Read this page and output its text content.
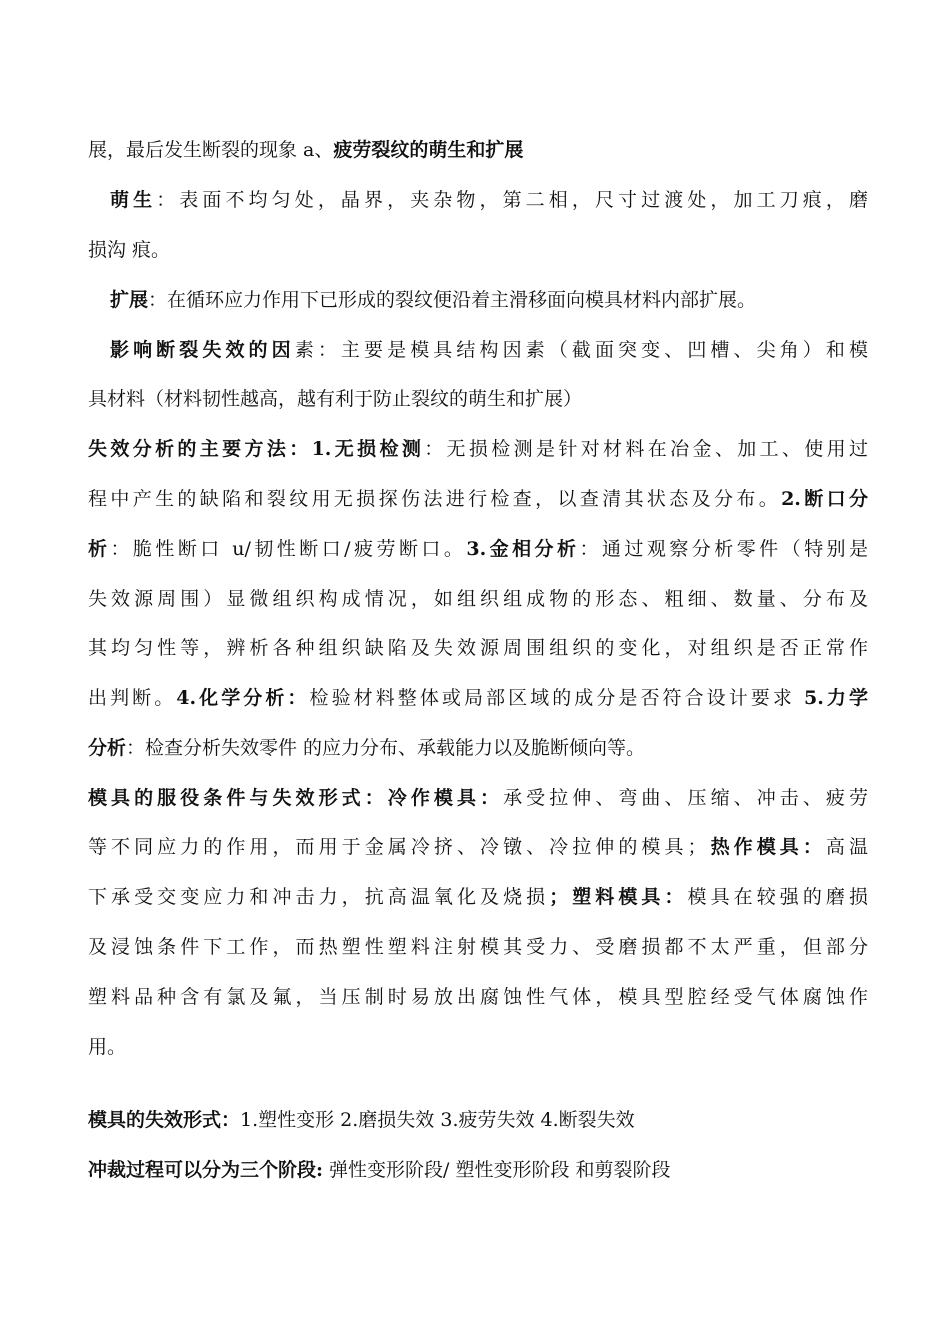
展，最后发生断裂的现象 a、疲劳裂纹的萌生和扩展
萌生：表面不均匀处，晶界，夹杂物，第二相，尺寸过渡处，加工刀痕，磨
损沟 痕。
扩展：在循环应力作用下已形成的裂纹便沿着主滑移面向模具材料内部扩展。
影响断裂失效的因素：主要是模具结构因素（截面突变、凹槽、尖角）和模
具材料（材料韧性越高，越有利于防止裂纹的萌生和扩展）
失效分析的主要方法：1.无损检测：无损检测是针对材料在冶金、加工、使用过
程中产生的缺陷和裂纹用无损探伤法进行检查，以查清其状态及分布。2.断口分
析：脆性断口 u/韧性断口/疲劳断口。3.金相分析：通过观察分析零件（特别是
失效源周围）显微组织构成情况，如组织组成物的形态、粗细、数量、分布及
其均匀性等，辨析各种组织缺陷及失效源周围组织的变化，对组织是否正常作
出判断。4.化学分析：检验材料整体或局部区域的成分是否符合设计要求 5.力学
分析：检查分析失效零件 的应力分布、承载能力以及脆断倾向等。
模具的服役条件与失效形式：冷作模具：承受拉伸、弯曲、压缩、冲击、疲劳
等不同应力的作用，而用于金属冷挤、冷镦、冷拉伸的模具；热作模具：高温
下承受交变应力和冲击力，抗高温氧化及烧损；塑料模具：模具在较强的磨损
及浸蚀条件下工作，而热塑性塑料注射模其受力、受磨损都不太严重，但部分
塑料品种含有氯及氟，当压制时易放出腐蚀性气体，模具型腔经受气体腐蚀作
用。
模具的失效形式：1.塑性变形 2.磨损失效 3.疲劳失效 4.断裂失效
冲裁过程可以分为三个阶段: 弹性变形阶段/ 塑性变形阶段 和剪裂阶段
